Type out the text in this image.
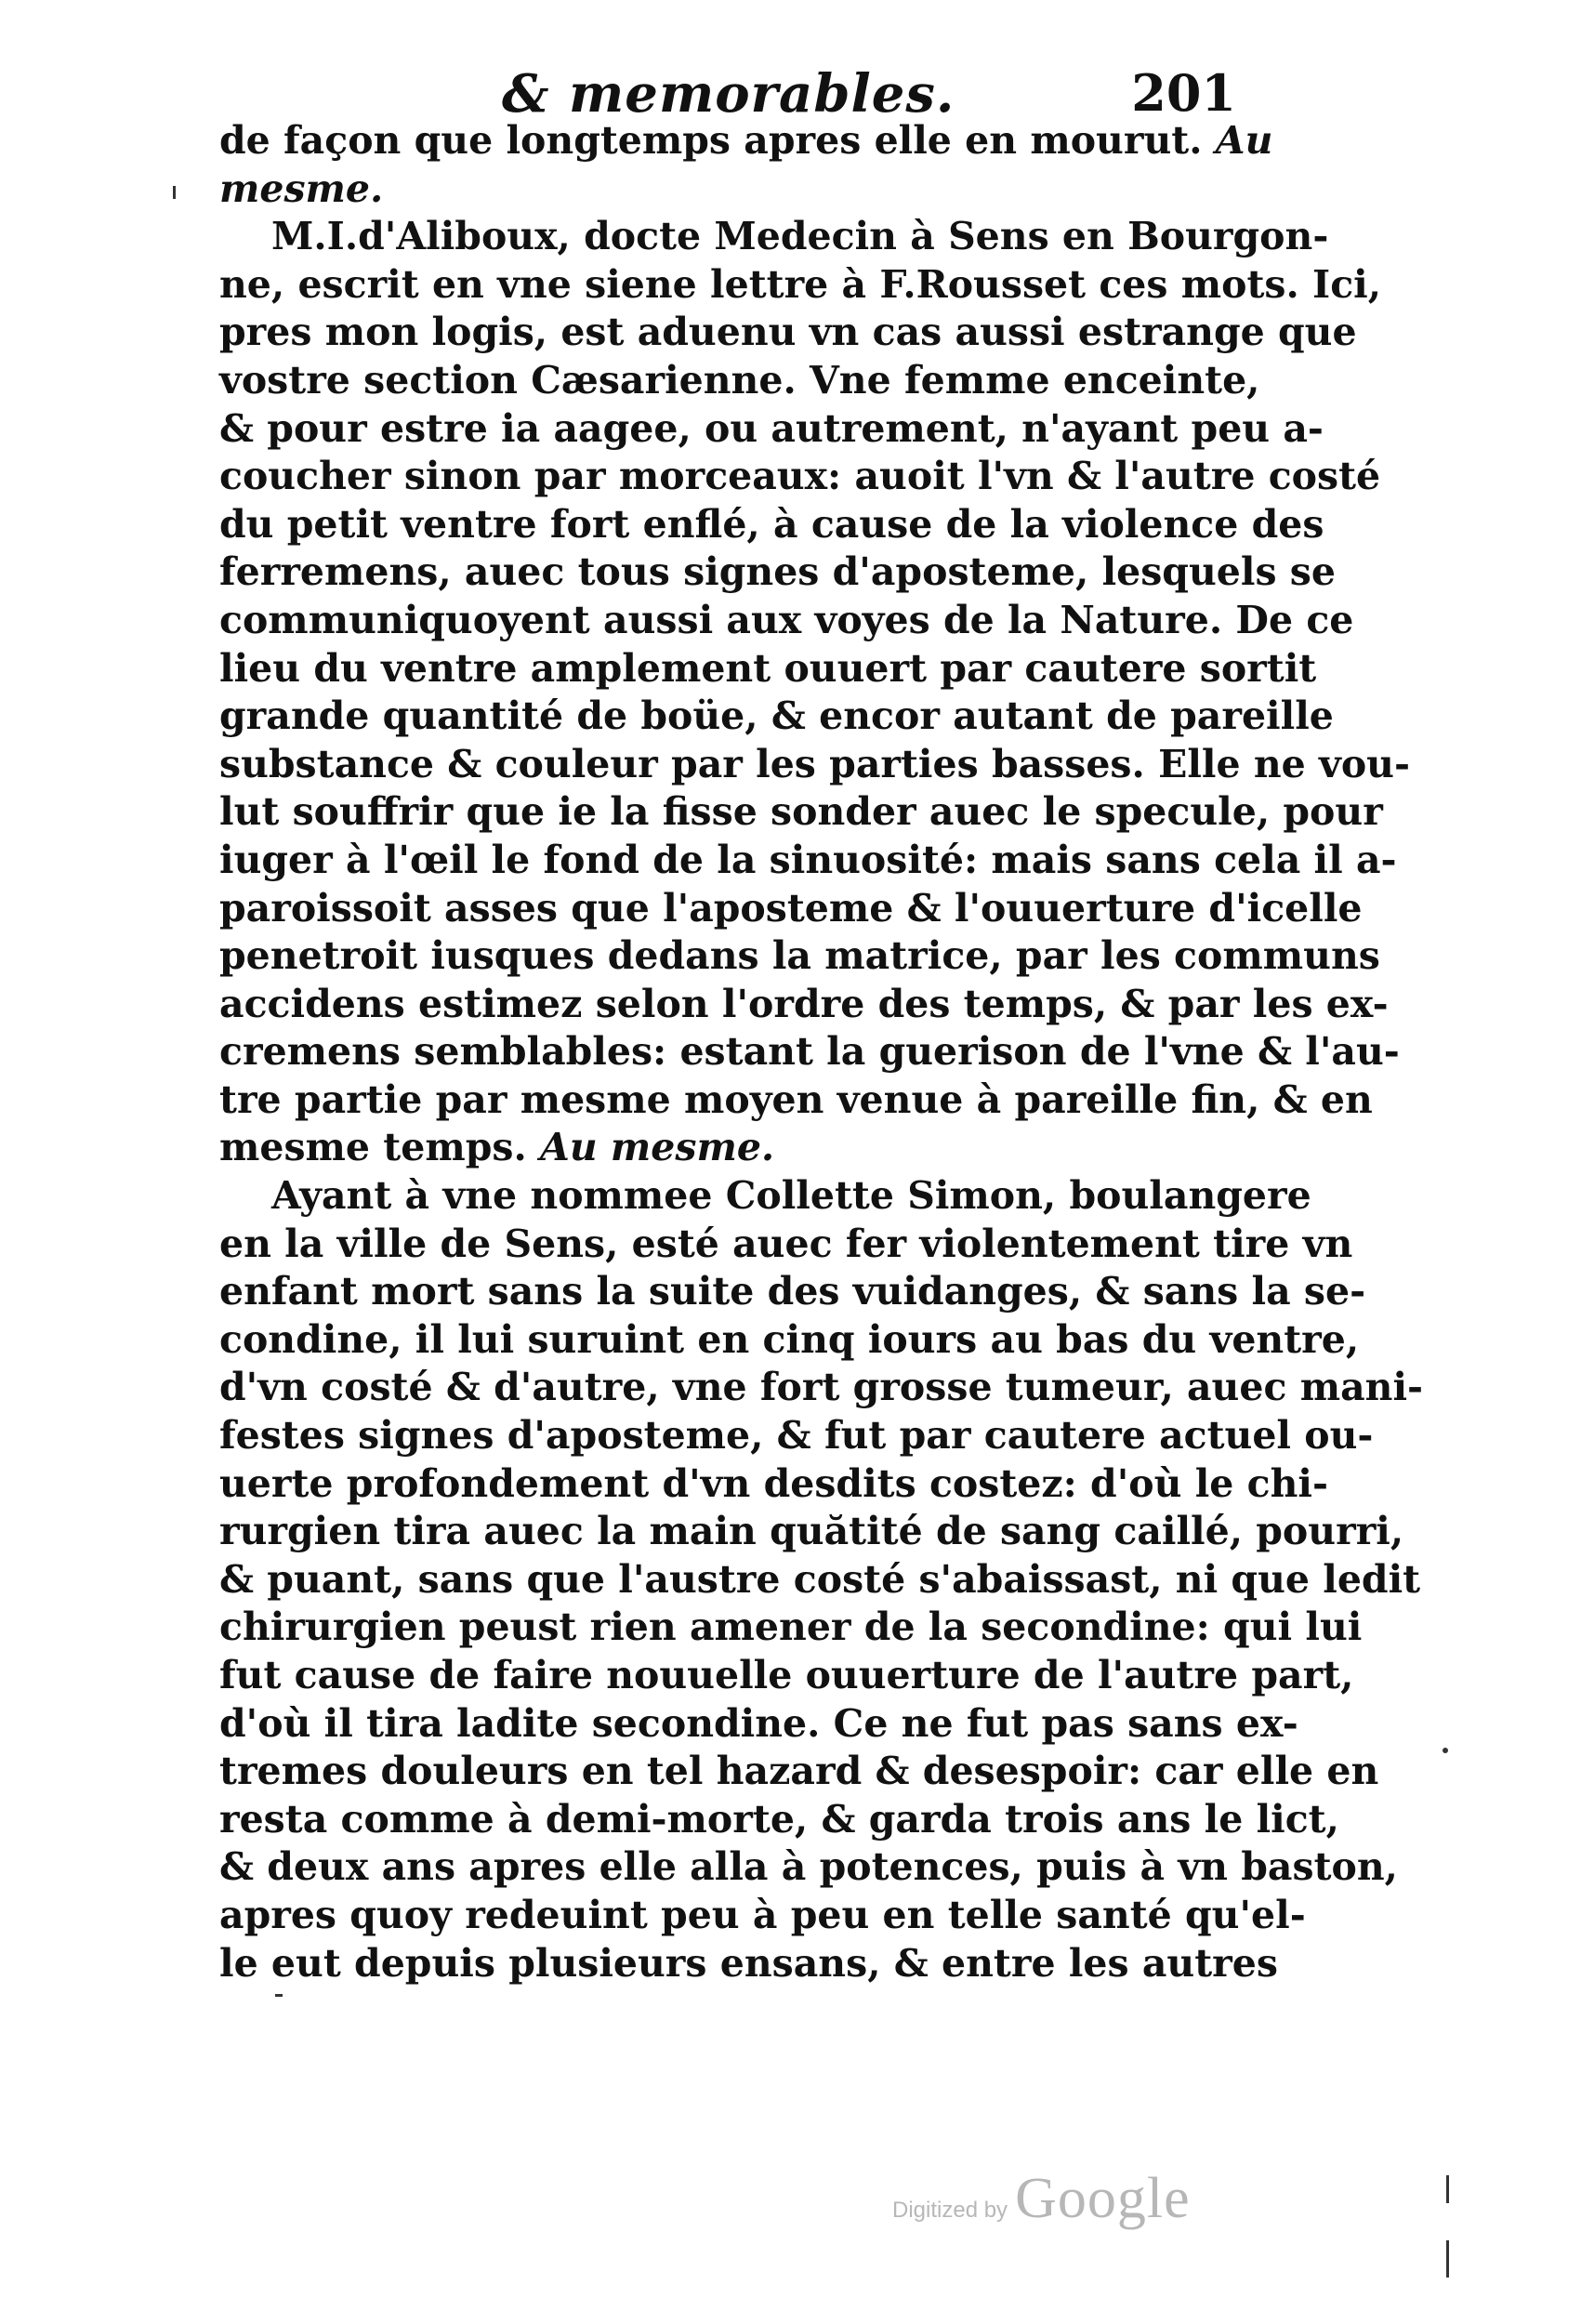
& memorables.	201
de façon que longtemps apres elle en mourut. Au
mesme.
M.I.d'Aliboux, docte Medecin à Sens en Bourgon-
ne, escrit en vne siene lettre à F.Rousset ces mots. Ici,
pres mon logis, est aduenu vn cas aussi estrange que
vostre section Cæsarienne. Vne femme enceinte,
& pour estre ia aagee, ou autrement, n'ayant peu a-
coucher sinon par morceaux: auoit l'vn & l'autre costé
du petit ventre fort enflé, à cause de la violence des
ferremens, auec tous signes d'aposteme, lesquels se
communiquoyent aussi aux voyes de la Nature. De ce
lieu du ventre amplement ouuert par cautere sortit
grande quantité de boüe, & encor autant de pareille
substance & couleur par les parties basses. Elle ne vou-
lut souffrir que ie la fisse sonder auec le specule, pour
iuger à l'œil le fond de la sinuosité: mais sans cela il a-
paroissoit asses que l'aposteme & l'ouuerture d'icelle
penetroit iusques dedans la matrice, par les communs
accidens estimez selon l'ordre des temps, & par les ex-
cremens semblables: estant la guerison de l'vne & l'au-
tre partie par mesme moyen venue à pareille fin, & en
mesme temps. Au mesme.
Ayant à vne nommee Collette Simon, boulangere
en la ville de Sens, esté auec fer violentement tire vn
enfant mort sans la suite des vuidanges, & sans la se-
condine, il lui suruint en cinq iours au bas du ventre,
d'vn costé & d'autre, vne fort grosse tumeur, auec mani-
festes signes d'aposteme, & fut par cautere actuel ou-
uerte profondement d'vn desdits costez: d'où le chi-
rurgien tira auec la main quătité de sang caillé, pourri,
& puant, sans que l'austre costé s'abaissast, ni que ledit
chirurgien peust rien amener de la secondine: qui lui
fut cause de faire nouuelle ouuerture de l'autre part,
d'où il tira ladite secondine. Ce ne fut pas sans ex-
tremes douleurs en tel hazard & desespoir: car elle en
resta comme à demi-morte, & garda trois ans le lict,
& deux ans apres elle alla à potences, puis à vn baston,
apres quoy redeuint peu à peu en telle santé qu'el-
le eut depuis plusieurs ensans, & entre les autres
Digitized by Google
